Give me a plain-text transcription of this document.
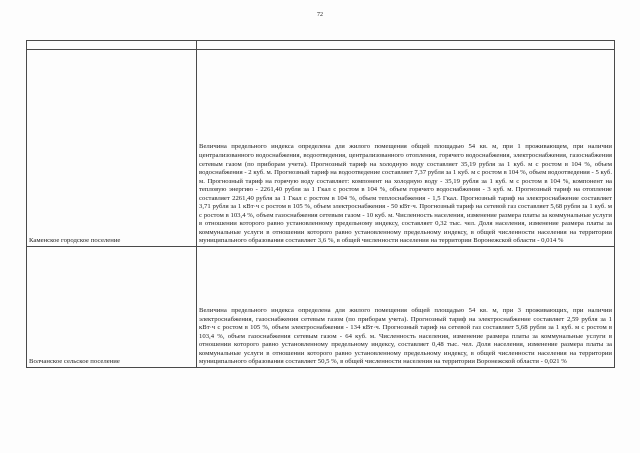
72

Каменское городское поселение	Величина предельного индекса определена для жилого помещения общей площадью 54 кв. м, при 1 проживающем, при наличии централизованного водоснабжения, водоотведения, централизованного отопления, горячего водоснабжения, электроснабжения, газоснабжения сетевым газом (по приборам учета). Прогнозный тариф на холодную воду составляет 35,19 рубля за 1 куб. м с ростом в 104 %, объем водоснабжения - 2 куб. м. Прогнозный тариф на водоотведение составляет 7,37 рубля за 1 куб. м с ростом в 104 %, объем водоотведения - 5 куб. м. Прогнозный тариф на горячую воду составляет: компонент на холодную воду - 35,19 рубля за 1 куб. м с ростом в 104 %, компонент на тепловую энергию - 2261,40 рубля за 1 Гкал с ростом в 104 %, объем горячего водоснабжения - 3 куб. м. Прогнозный тариф на отопление составляет 2261,40 рубля за 1 Гкал с ростом в 104 %, объем теплоснабжения - 1,5 Гкал. Прогнозный тариф на электроснабжение составляет 3,71 рубля за 1 кВт·ч с ростом в 105 %, объем электроснабжения - 50 кВт·ч. Прогнозный тариф на сетевой газ составляет 5,68 рубля за 1 куб. м с ростом в 103,4 %, объем газоснабжения сетевым газом - 10 куб. м. Численность населения, изменение размера платы за коммунальные услуги в отношении которого равно установленному предельному индексу, составляет 0,32 тыс. чел. Доля населения, изменение размера платы за коммунальные услуги в отношении которого равно установленному предельному индексу, в общей численности населения на территории муниципального образования составляет 3,6 %, в общей численности населения на территории Воронежской области - 0,014 %
Волчанское сельское поселение	Величина предельного индекса определена для жилого помещения общей площадью 54 кв. м, при 3 проживающих, при наличии электроснабжения, газоснабжения сетевым газом (по приборам учета). Прогнозный тариф на электроснабжение составляет 2,59 рубля за 1 кВт·ч с ростом в 105 %, объем электроснабжения - 134 кВт·ч. Прогнозный тариф на сетевой газ составляет 5,68 рубля за 1 куб. м с ростом в 103,4 %, объем газоснабжения сетевым газом - 64 куб. м. Численность населения, изменение размера платы за коммунальные услуги в отношении которого равно установленному предельному индексу, составляет 0,48 тыс. чел. Доля населения, изменение размера платы за коммунальные услуги в отношении которого равно установленному предельному индексу, в общей численности населения на территории муниципального образования составляет 50,5 %, в общей численности населения на территории Воронежской области - 0,021 %
